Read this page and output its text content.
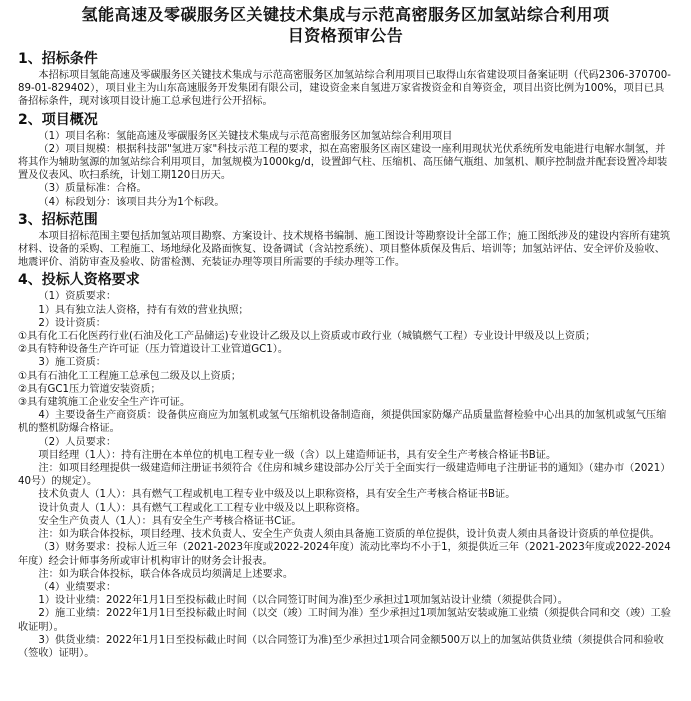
氢能高速及零碳服务区关键技术集成与示范高密服务区加氢站综合利用项
目资格预审公告
1、招标条件

本招标项目氢能高速及零碳服务区关键技术集成与示范高密服务区加氢站综合利用项目已取得山东省建设项目备案证明（代码2306-370700-89-01-829402），项目业主为山东高速服务开发集团有限公司，建设资金来自氢进万家省拨资金和自筹资金，项目出资比例为100%，项目已具备招标条件，现对该项目设计施工总承包进行公开招标。

2、项目概况

（1）项目名称：氢能高速及零碳服务区关键技术集成与示范高密服务区加氢站综合利用项目

（2）项目规模：根据科技部"氢进万家"科技示范工程的要求，拟在高密服务区南区建设一座利用现状光伏系统所发电能进行电解水制氢，并将其作为辅助氢源的加氢站综合利用项目，加氢规模为1000kg/d，设置卸气柱、压缩机、高压储气瓶组、加氢机、顺序控制盘并配套设置冷却装置及仪表风、吹扫系统，计划工期120日历天。

（3）质量标准：合格。

（4）标段划分：该项目共分为1个标段。

3、招标范围

本项目招标范围主要包括加氢站项目勘察、方案设计、技术规格书编制、施工图设计等勘察设计全部工作；施工图纸涉及的建设内容所有建筑材料、设备的采购、工程施工、场地绿化及路面恢复、设备调试（含站控系统）、项目整体质保及售后、培训等；加氢站评估、安全评价及验收、地震评价、消防审查及验收、防雷检测、充装证办理等项目所需要的手续办理等工作。

4、投标人资格要求

（1）资质要求：

1）具有独立法人资格，持有有效的营业执照；

2）设计资质：

①具有化工石化医药行业(石油及化工产品储运)专业设计乙级及以上资质或市政行业（城镇燃气工程）专业设计甲级及以上资质；

②具有特种设备生产许可证（压力管道设计工业管道GC1）。

3）施工资质：

①具有石油化工工程施工总承包二级及以上资质；

②具有GC1压力管道安装资质；

③具有建筑施工企业安全生产许可证。

4）主要设备生产商资质：设备供应商应为加氢机或氢气压缩机设备制造商，须提供国家防爆产品质量监督检验中心出具的加氢机或氢气压缩机的整机防爆合格证。

（2）人员要求：

项目经理（1人）：持有注册在本单位的机电工程专业一级（含）以上建造师证书，具有安全生产考核合格证书B证。

注：如项目经理提供一级建造师注册证书须符合《住房和城乡建设部办公厅关于全面实行一级建造师电子注册证书的通知》（建办市（2021）40号）的规定）。

技术负责人（1人）：具有燃气工程或机电工程专业中级及以上职称资格，具有安全生产考核合格证书B证。

设计负责人（1人）：具有燃气工程或化工工程专业中级及以上职称资格。

安全生产负责人（1人）：具有安全生产考核合格证书C证。

注：如为联合体投标，项目经理、技术负责人、安全生产负责人须由具备施工资质的单位提供，设计负责人须由具备设计资质的单位提供。

（3）财务要求：投标人近三年（2021-2023年度或2022-2024年度）流动比率均不小于1，须提供近三年（2021-2023年度或2022-2024年度）经会计师事务所或审计机构审计的财务会计报表。

注：如为联合体投标，联合体各成员均须满足上述要求。

（4）业绩要求：

1）设计业绩：2022年1月1日至投标截止时间（以合同签订时间为准)至少承担过1项加氢站设计业绩（须提供合同）。

2）施工业绩：2022年1月1日至投标截止时间（以交（竣）工时间为准）至少承担过1项加氢站安装或施工业绩（须提供合同和交（竣）工验收证明）。

3）供货业绩：2022年1月1日至投标截止时间（以合同签订为准)至少承担过1项合同金额500万以上的加氢站供货业绩（须提供合同和验收（签收）证明）。
